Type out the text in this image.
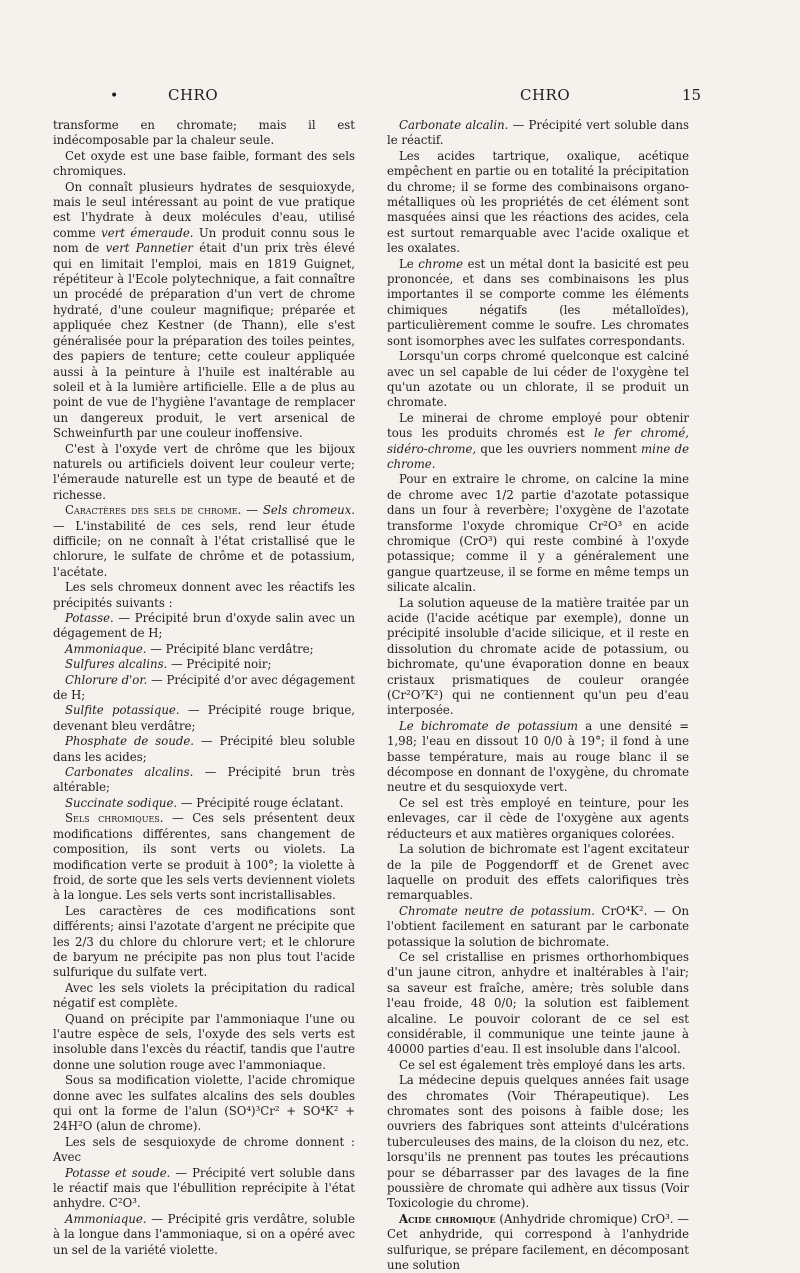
•	CHRO	CHRO	15

transforme en chromate; mais il est indécomposable par la chaleur seule.

Cet oxyde est une base faible, formant des sels chromiques.

On connaît plusieurs hydrates de sesquioxyde, mais le seul intéressant au point de vue pratique est l'hydrate à deux molécules d'eau, utilisé comme vert émeraude. Un produit connu sous le nom de vert Pannetier était d'un prix très élevé qui en limitait l'emploi, mais en 1819 Guignet, répétiteur à l'Ecole polytechnique, a fait connaître un procédé de préparation d'un vert de chrome hydraté, d'une couleur magnifique; préparée et appliquée chez Kestner (de Thann), elle s'est généralisée pour la préparation des toiles peintes, des papiers de tenture; cette couleur appliquée aussi à la peinture à l'huile est inaltérable au soleil et à la lumière artificielle. Elle a de plus au point de vue de l'hygiène l'avantage de remplacer un dangereux produit, le vert arsenical de Schweinfurth par une couleur inoffensive.

C'est à l'oxyde vert de chrôme que les bijoux naturels ou artificiels doivent leur couleur verte; l'émeraude naturelle est un type de beauté et de richesse.

Caractères des sels de chrome. — Sels chromeux. — L'instabilité de ces sels, rend leur étude difficile; on ne connaît à l'état cristallisé que le chlorure, le sulfate de chrôme et de potassium, l'acétate.

Les sels chromeux donnent avec les réactifs les précipités suivants :

Potasse. — Précipité brun d'oxyde salin avec un dégagement de H;

Ammoniaque. — Précipité blanc verdâtre;

Sulfures alcalins. — Précipité noir;

Chlorure d'or. — Précipité d'or avec dégagement de H;

Sulfite potassique. — Précipité rouge brique, devenant bleu verdâtre;

Phosphate de soude. — Précipité bleu soluble dans les acides;

Carbonates alcalins. — Précipité brun très altérable;

Succinate sodique. — Précipité rouge éclatant.

Sels chromiques. — Ces sels présentent deux modifications différentes, sans changement de composition, ils sont verts ou violets. La modification verte se produit à 100°; la violette à froid, de sorte que les sels verts deviennent violets à la longue. Les sels verts sont incristallisables.

Les caractères de ces modifications sont différents; ainsi l'azotate d'argent ne précipite que les 2/3 du chlore du chlorure vert; et le chlorure de baryum ne précipite pas non plus tout l'acide sulfurique du sulfate vert.

Avec les sels violets la précipitation du radical négatif est complète.

Quand on précipite par l'ammoniaque l'une ou l'autre espèce de sels, l'oxyde des sels verts est insoluble dans l'excès du réactif, tandis que l'autre donne une solution rouge avec l'ammoniaque.

Sous sa modification violette, l'acide chromique donne avec les sulfates alcalins des sels doubles qui ont la forme de l'alun (SO⁴)³Cr² + SO⁴K² + 24H²O (alun de chrome).

Les sels de sesquioxyde de chrome donnent : Avec

Potasse et soude. — Précipité vert soluble dans le réactif mais que l'ébullition reprécipite à l'état anhydre. C²O³.

Ammoniaque. — Précipité gris verdâtre, soluble à la longue dans l'ammoniaque, si on a opéré avec un sel de la variété violette.

Carbonate alcalin. — Précipité vert soluble dans le réactif.

Les acides tartrique, oxalique, acétique empêchent en partie ou en totalité la précipitation du chrome; il se forme des combinaisons organo-métalliques où les propriétés de cet élément sont masquées ainsi que les réactions des acides, cela est surtout remarquable avec l'acide oxalique et les oxalates.

Le chrome est un métal dont la basicité est peu prononcée, et dans ses combinaisons les plus importantes il se comporte comme les éléments chimiques négatifs (les métalloïdes), particulièrement comme le soufre. Les chromates sont isomorphes avec les sulfates correspondants.

Lorsqu'un corps chromé quelconque est calciné avec un sel capable de lui céder de l'oxygène tel qu'un azotate ou un chlorate, il se produit un chromate.

Le minerai de chrome employé pour obtenir tous les produits chromés est le fer chromé, sidéro-chrome, que les ouvriers nomment mine de chrome.

Pour en extraire le chrome, on calcine la mine de chrome avec 1/2 partie d'azotate potassique dans un four à reverbère; l'oxygène de l'azotate transforme l'oxyde chromique Cr²O³ en acide chromique (CrO³) qui reste combiné à l'oxyde potassique; comme il y a généralement une gangue quartzeuse, il se forme en même temps un silicate alcalin.

La solution aqueuse de la matière traitée par un acide (l'acide acétique par exemple), donne un précipité insoluble d'acide silicique, et il reste en dissolution du chromate acide de potassium, ou bichromate, qu'une évaporation donne en beaux cristaux prismatiques de couleur orangée (Cr²O⁷K²) qui ne contiennent qu'un peu d'eau interposée.

Le bichromate de potassium a une densité = 1,98; l'eau en dissout 10 0/0 à 19°; il fond à une basse température, mais au rouge blanc il se décompose en donnant de l'oxygène, du chromate neutre et du sesquioxyde vert.

Ce sel est très employé en teinture, pour les enlevages, car il cède de l'oxygène aux agents réducteurs et aux matières organiques colorées.

La solution de bichromate est l'agent excitateur de la pile de Poggendorff et de Grenet avec laquelle on produit des effets calorifiques très remarquables.

Chromate neutre de potassium. CrO⁴K². — On l'obtient facilement en saturant par le carbonate potassique la solution de bichromate.

Ce sel cristallise en prismes orthorhombiques d'un jaune citron, anhydre et inaltérables à l'air; sa saveur est fraîche, amère; très soluble dans l'eau froide, 48 0/0; la solution est faiblement alcaline. Le pouvoir colorant de ce sel est considérable, il communique une teinte jaune à 40000 parties d'eau. Il est insoluble dans l'alcool.

Ce sel est également très employé dans les arts.

La médecine depuis quelques années fait usage des chromates (Voir Thérapeutique). Les chromates sont des poisons à faible dose; les ouvriers des fabriques sont atteints d'ulcérations tuberculeuses des mains, de la cloison du nez, etc. lorsqu'ils ne prennent pas toutes les précautions pour se débarrasser par des lavages de la fine poussière de chromate qui adhère aux tissus (Voir Toxicologie du chrome).

Acide chromique (Anhydride chromique) CrO³. — Cet anhydride, qui correspond à l'anhydride sulfurique, se prépare facilement, en décomposant une solution
